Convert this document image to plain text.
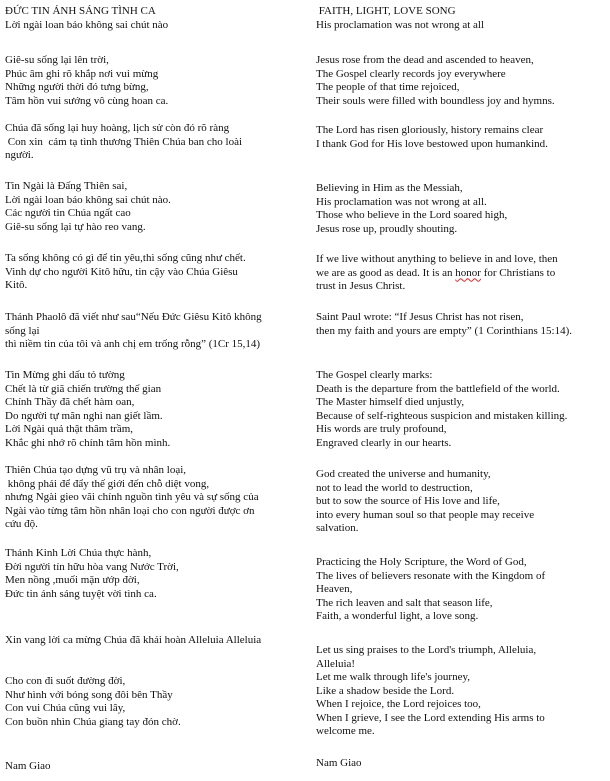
ĐỨC TIN ÁNH SÁNG TÌNH CA
Lời ngài loan báo không sai chút nào
Giê-su sống lại lên trời,
Phúc âm ghi rõ khắp nơi vui mừng
Những người thời đó tưng bừng,
Tâm hồn vui sướng vô cùng hoan ca.
Chúa đã sống lại huy hoàng, lịch sử còn đó rõ ràng
Con xin  cảm tạ tình thương Thiên Chúa ban cho loài
người.
Tin Ngài là Đấng Thiên sai,
Lời ngài loan báo không sai chút nào.
Các người tin Chúa ngất cao
Giê-su sống lại tự hào reo vang.
Ta sống không có gì để tin yêu,thì sống cũng như chết.
Vinh dự cho người Kitô hữu, tin cậy vào Chúa Giêsu
Kitô.
Thánh Phaolô đã viết như sau“Nếu Đức Giêsu Kitô không
sống lại
thì niềm tin của tôi và anh chị em trống rỗng” (1Cr 15,14)
Tin Mừng ghi dấu tỏ tường
Chết là từ giã chiến trường thế gian
Chính Thầy đã chết hàm oan,
Do người tự mãn nghi nan giết lầm.
Lời Ngài quả thật thâm trầm,
Khắc ghi nhớ rõ chính tâm hồn mình.
Thiên Chúa tạo dựng vũ trụ và nhân loại,
không phải để đẩy thế giới đến chỗ diệt vong,
nhưng Ngài gieo vãi chính nguồn tình yêu và sự sống của
Ngài vào từng tâm hồn nhân loại cho con người được ơn
cứu độ.
Thánh Kinh Lời Chúa thực hành,
Đời người tín hữu hòa vang Nước Trời,
Men nồng ,muối mặn ướp đời,
Đức tin ánh sáng tuyệt vời tình ca.
Xin vang lời ca mừng Chúa đã khải hoàn Alleluia Alleluia
Cho con đi suốt đường đời,
Như hình với bóng song đôi bên Thầy
Con vui Chúa cũng vui lây,
Con buồn nhìn Chúa giang tay đón chờ.
Nam Giao
FAITH, LIGHT, LOVE SONG
His proclamation was not wrong at all
Jesus rose from the dead and ascended to heaven,
The Gospel clearly records joy everywhere
The people of that time rejoiced,
Their souls were filled with boundless joy and hymns.
The Lord has risen gloriously, history remains clear
I thank God for His love bestowed upon humankind.
Believing in Him as the Messiah,
His proclamation was not wrong at all.
Those who believe in the Lord soared high,
Jesus rose up, proudly shouting.
If we live without anything to believe in and love, then
we are as good as dead. It is an honor for Christians to
trust in Jesus Christ.
Saint Paul wrote: “If Jesus Christ has not risen,
then my faith and yours are empty” (1 Corinthians 15:14).
The Gospel clearly marks:
Death is the departure from the battlefield of the world.
The Master himself died unjustly,
Because of self-righteous suspicion and mistaken killing.
His words are truly profound,
Engraved clearly in our hearts.
God created the universe and humanity,
not to lead the world to destruction,
but to sow the source of His love and life,
into every human soul so that people may receive
salvation.
Practicing the Holy Scripture, the Word of God,
The lives of believers resonate with the Kingdom of
Heaven,
The rich leaven and salt that season life,
Faith, a wonderful light, a love song.
Let us sing praises to the Lord's triumph, Alleluia,
Alleluia!
Let me walk through life's journey,
Like a shadow beside the Lord.
When I rejoice, the Lord rejoices too,
When I grieve, I see the Lord extending His arms to
welcome me.
Nam Giao
